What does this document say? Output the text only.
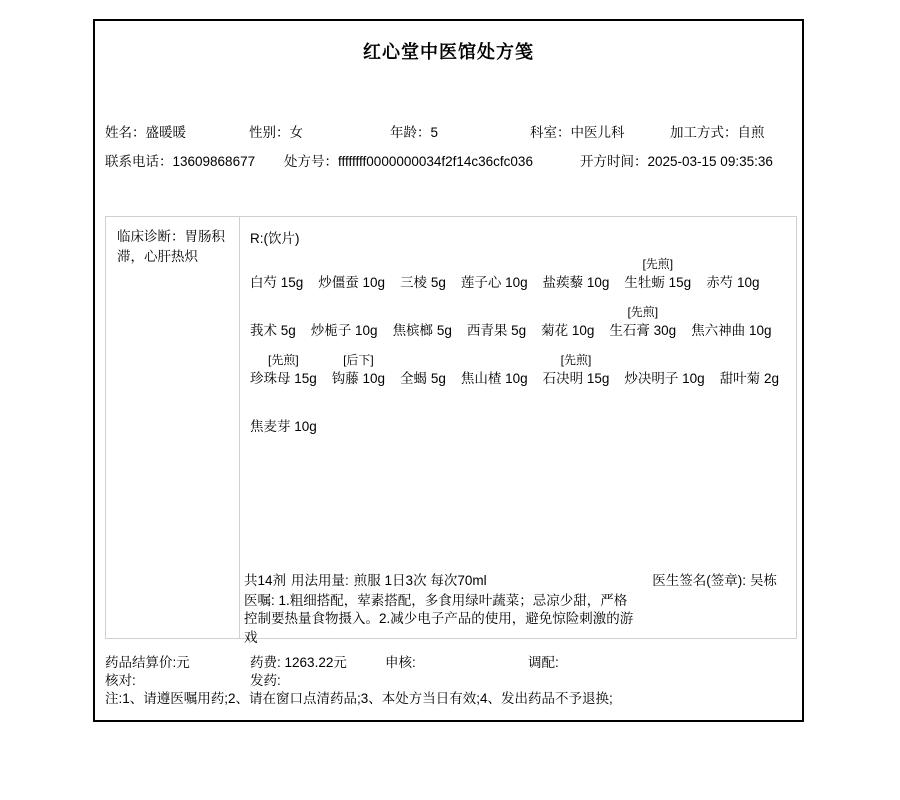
红心堂中医馆处方笺
姓名：盛暖暖	性别：女	年龄：5	科室：中医儿科	加工方式：自煎
联系电话：13609868677 处方号：ffffffff0000000034f2f14c36cfc036	开方时间：2025-03-15 09:35:36
临床诊断：胃肠积滞，心肝热炽
R:(饮片)
白芍 15g 炒僵蚕 10g 三棱 5g 莲子心 10g 盐蒺藜 10g
[先煎]
生牡蛎 15g 赤芍 10g
莪术 5g 炒栀子 10g 焦槟榔 5g 西青果 5g 菊花 10g
[先煎]
生石膏 30g 焦六神曲 10g
[先煎]
珍珠母 15g
[后下]
钩藤 10g 全蝎 5g 焦山楂 10g
[先煎]
石决明 15g 炒决明子 10g 甜叶菊 2g
焦麦芽 10g
共14剂 用法用量: 煎服 1日3次 每次70ml	医生签名(签章): 吴栋
医嘱: 1.粗细搭配，荤素搭配，多食用绿叶蔬菜；忌凉少甜，严格控制要热量食物摄入。2.减少电子产品的使用，避免惊险刺激的游戏
药品结算价:元	药费: 1263.22元	申核:	调配:
核对:	发药:
注:1、请遵医嘱用药;2、请在窗口点清药品;3、本处方当日有效;4、发出药品不予退换;
